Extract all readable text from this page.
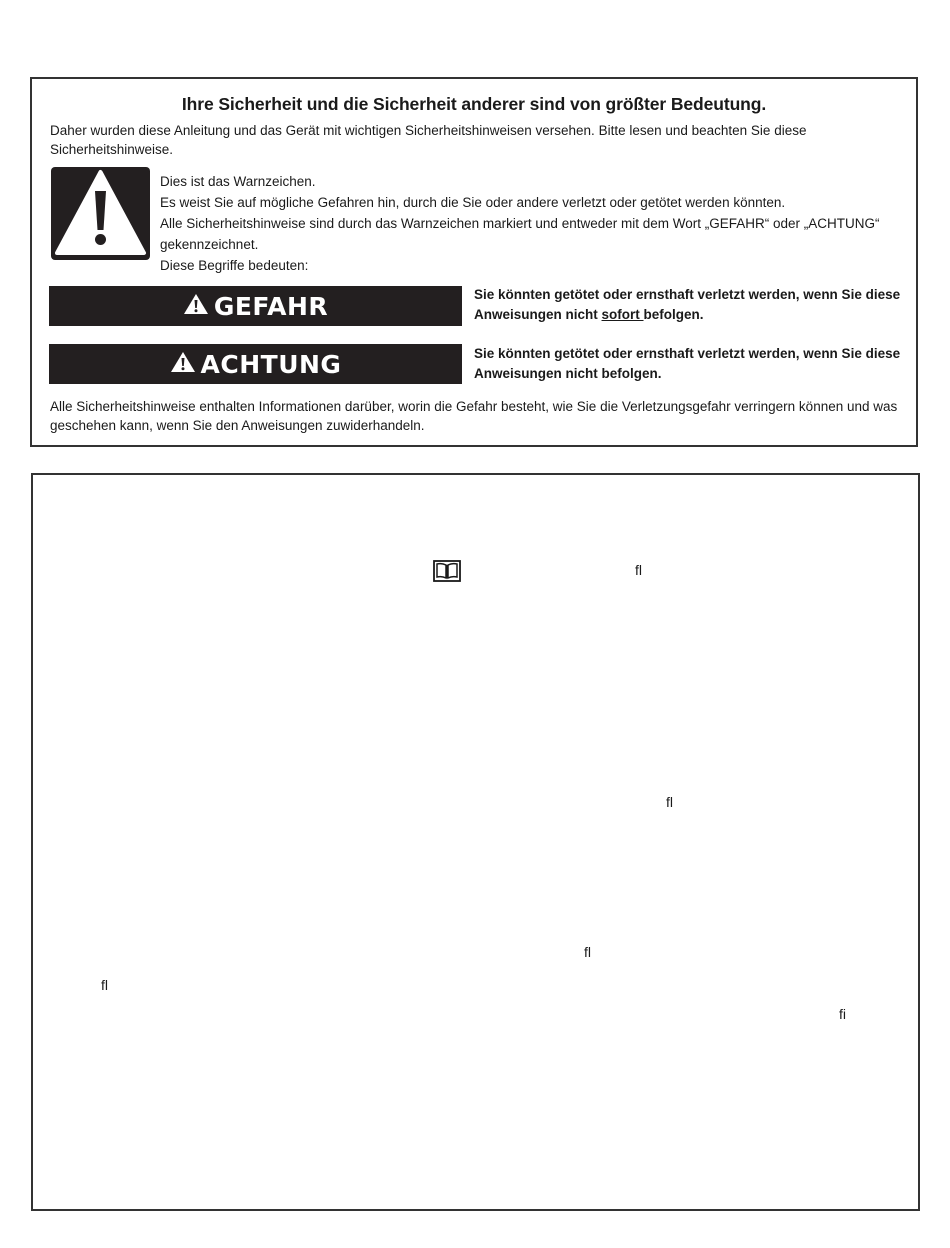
Ihre Sicherheit und die Sicherheit anderer sind von größter Bedeutung.
Daher wurden diese Anleitung und das Gerät mit wichtigen Sicherheitshinweisen versehen. Bitte lesen und beachten Sie diese Sicherheitshinweise.

Dies ist das Warnzeichen.

Es weist Sie auf mögliche Gefahren hin, durch die Sie oder andere verletzt oder getötet werden könnten.

Alle Sicherheitshinweise sind durch das Warnzeichen markiert und entweder mit dem Wort „GEFAHR“ oder „ACHTUNG“ gekennzeichnet.

Diese Begriffe bedeuten:

GEFAHR	Sie könnten getötet oder ernsthaft verletzt werden, wenn Sie diese Anweisungen nicht sofort befolgen.
ACHTUNG	Sie könnten getötet oder ernsthaft verletzt werden, wenn Sie diese Anweisungen nicht befolgen.
Alle Sicherheitshinweise enthalten Informationen darüber, worin die Gefahr besteht, wie Sie die Verletzungsgefahr verringern können und was geschehen kann, wenn Sie den Anweisungen zuwiderhandeln.
ﬂ
ﬂ
ﬂ
ﬂ
ﬁ
